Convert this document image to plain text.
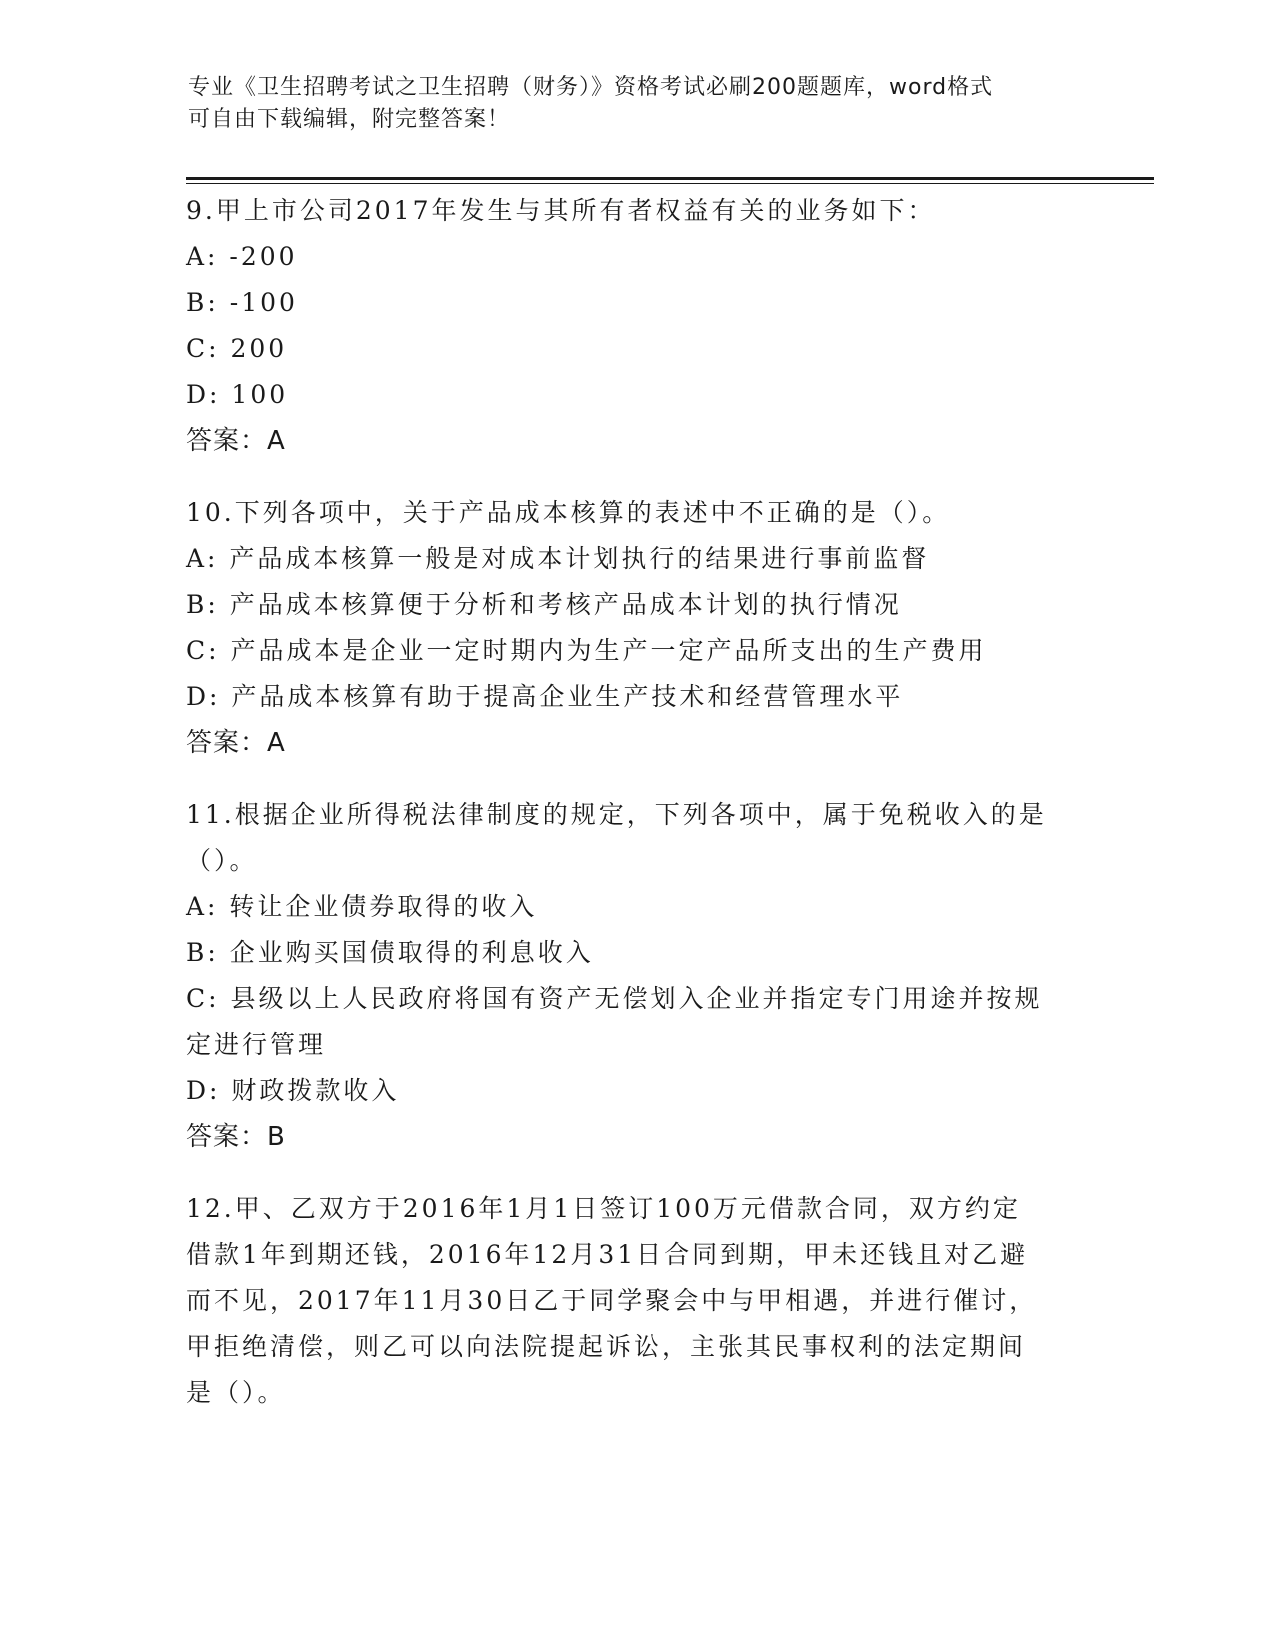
专业《卫生招聘考试之卫生招聘（财务）》资格考试必刷200题题库，word格式
可自由下载编辑，附完整答案！

9.甲上市公司2017年发生与其所有者权益有关的业务如下：

A: -200

B: -100

C: 200

D: 100

答案：A

10.下列各项中，关于产品成本核算的表述中不正确的是（）。

A: 产品成本核算一般是对成本计划执行的结果进行事前监督

B: 产品成本核算便于分析和考核产品成本计划的执行情况

C: 产品成本是企业一定时期内为生产一定产品所支出的生产费用

D: 产品成本核算有助于提高企业生产技术和经营管理水平

答案：A

11.根据企业所得税法律制度的规定，下列各项中，属于免税收入的是

（）。

A: 转让企业债券取得的收入

B: 企业购买国债取得的利息收入

C: 县级以上人民政府将国有资产无偿划入企业并指定专门用途并按规

定进行管理

D: 财政拨款收入

答案：B

12.甲、乙双方于2016年1月1日签订100万元借款合同，双方约定

借款1年到期还钱，2016年12月31日合同到期，甲未还钱且对乙避

而不见，2017年11月30日乙于同学聚会中与甲相遇，并进行催讨，

甲拒绝清偿，则乙可以向法院提起诉讼，主张其民事权利的法定期间

是（）。
